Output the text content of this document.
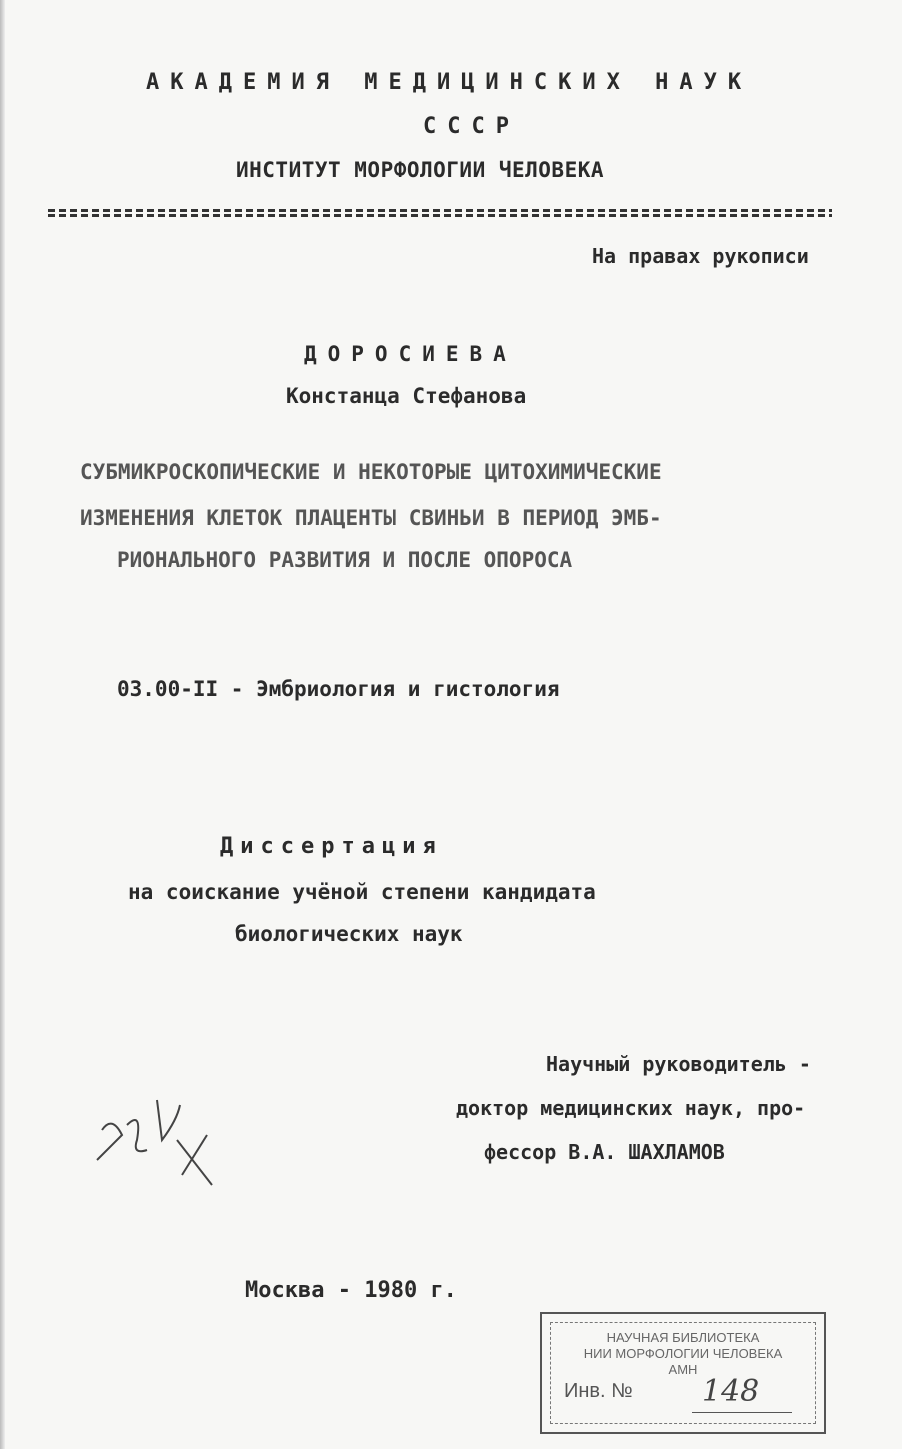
АКАДЕМИЯ МЕДИЦИНСКИХ НАУК
СССР
ИНСТИТУТ МОРФОЛОГИИ ЧЕЛОВЕКА
На правах рукописи
ДОРОСИЕВА
Констанца Стефанова
СУБМИКРОСКОПИЧЕСКИЕ И НЕКОТОРЫЕ ЦИТОХИМИЧЕСКИЕ
ИЗМЕНЕНИЯ КЛЕТОК ПЛАЦЕНТЫ СВИНЬИ В ПЕРИОД ЭМБ-
РИОНАЛЬНОГО РАЗВИТИЯ И ПОСЛЕ ОПОРОСА
03.00-II - Эмбриология и гистология
Диссертация
на соискание учёной степени кандидата
биологических наук
Научный руководитель -
доктор медицинских наук, про-
фессор В.А. ШАХЛАМОВ
Москва - 1980 г.
НАУЧНАЯ БИБЛИОТЕКА
НИИ МОРФОЛОГИИ ЧЕЛОВЕКА
АМН
Инв. № 148
